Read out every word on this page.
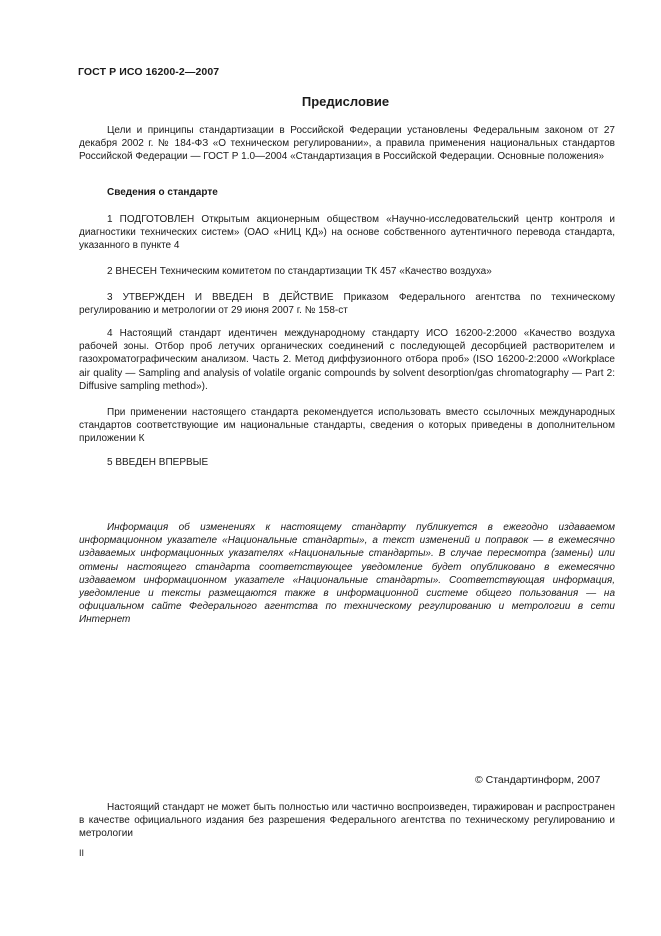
ГОСТ Р ИСО 16200-2—2007
Предисловие

Цели и принципы стандартизации в Российской Федерации установлены Федеральным законом от 27 декабря 2002 г. № 184-ФЗ «О техническом регулировании», а правила применения национальных стандартов Российской Федерации — ГОСТ Р 1.0—2004 «Стандартизация в Российской Федерации. Основные положения»

Сведения о стандарте

1 ПОДГОТОВЛЕН Открытым акционерным обществом «Научно-исследовательский центр контроля и диагностики технических систем» (ОАО «НИЦ КД») на основе собственного аутентичного перевода стандарта, указанного в пункте 4

2 ВНЕСЕН Техническим комитетом по стандартизации ТК 457 «Качество воздуха»

3 УТВЕРЖДЕН И ВВЕДЕН В ДЕЙСТВИЕ Приказом Федерального агентства по техническому регулированию и метрологии от 29 июня 2007 г. № 158-ст

4 Настоящий стандарт идентичен международному стандарту ИСО 16200-2:2000 «Качество воздуха рабочей зоны. Отбор проб летучих органических соединений с последующей десорбцией растворителем и газохроматографическим анализом. Часть 2. Метод диффузионного отбора проб» (ISO 16200-2:2000 «Workplace air quality — Sampling and analysis of volatile organic compounds by solvent desorption/gas chromatography — Part 2: Diffusive sampling method»).

При применении настоящего стандарта рекомендуется использовать вместо ссылочных международных стандартов соответствующие им национальные стандарты, сведения о которых приведены в дополнительном приложении К

5 ВВЕДЕН ВПЕРВЫЕ

Информация об изменениях к настоящему стандарту публикуется в ежегодно издаваемом информационном указателе «Национальные стандарты», а текст изменений и поправок — в ежемесячно издаваемых информационных указателях «Национальные стандарты». В случае пересмотра (замены) или отмены настоящего стандарта соответствующее уведомление будет опубликовано в ежемесячно издаваемом информационном указателе «Национальные стандарты». Соответствующая информация, уведомление и тексты размещаются также в информационной системе общего пользования — на официальном сайте Федерального агентства по техническому регулированию и метрологии в сети Интернет

© Стандартинформ, 2007

Настоящий стандарт не может быть полностью или частично воспроизведен, тиражирован и распространен в качестве официального издания без разрешения Федерального агентства по техническому регулированию и метрологии

II
